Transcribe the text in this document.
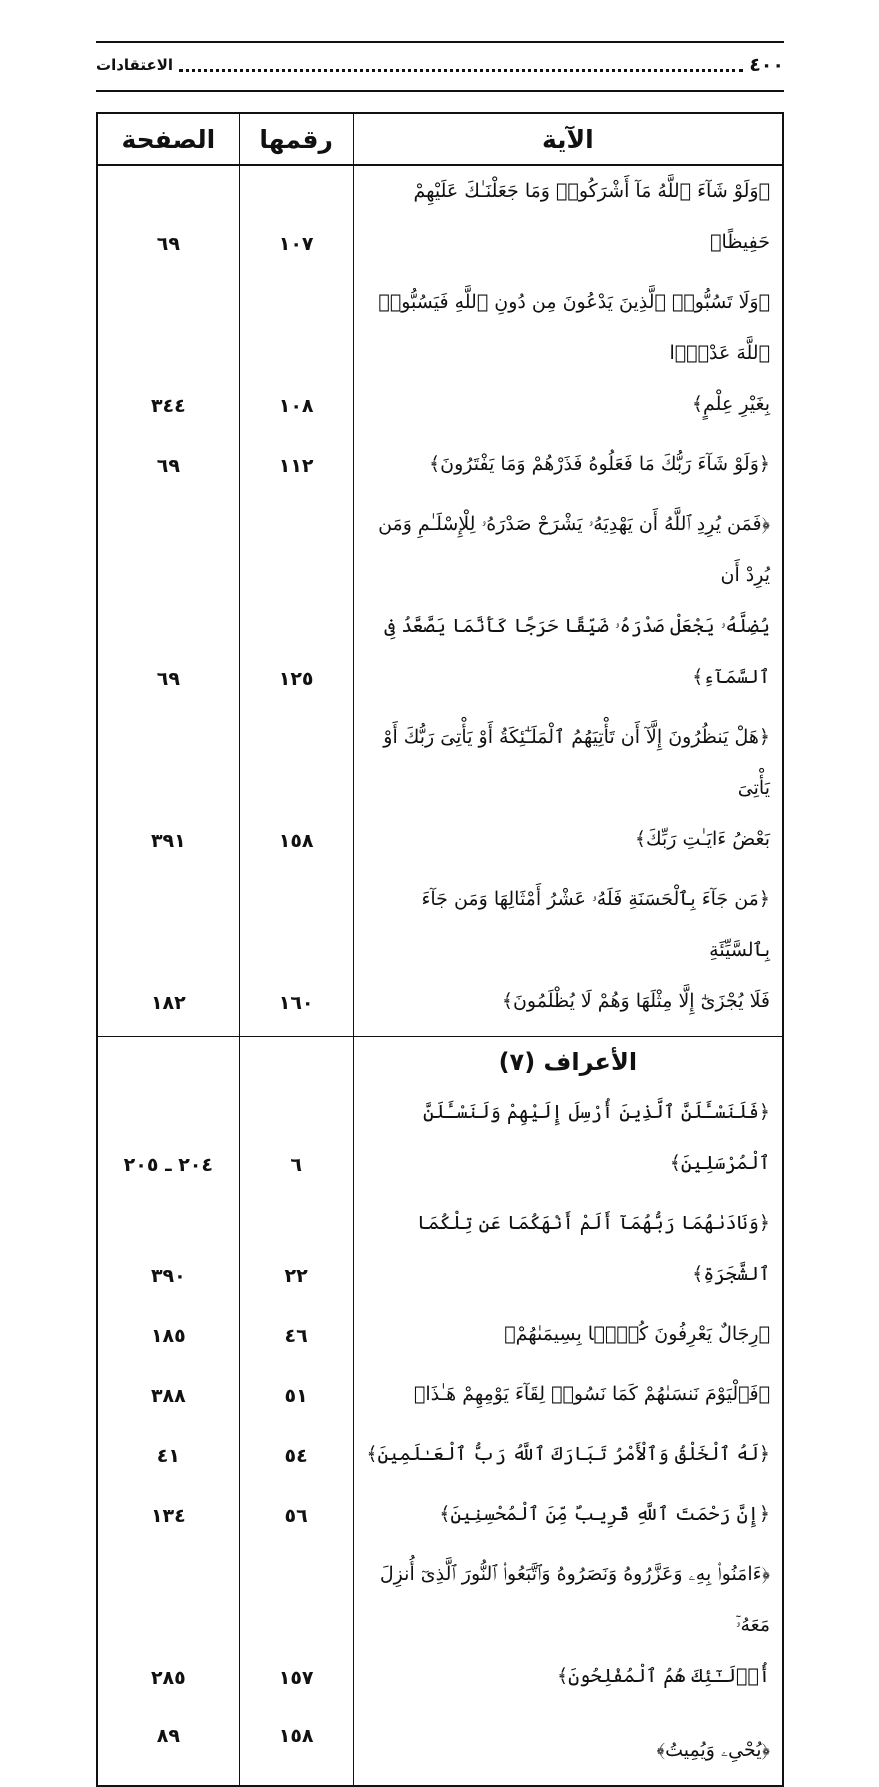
٤٠٠
الاعتقادات
الآية	رقمها	الصفحة
﴿وَلَوْ شَآءَ ٱللَّهُ مَآ أَشْرَكُوا۟ وَمَا جَعَلْنَـٰكَ عَلَيْهِمْ حَفِيظًا﴾	١٠٧	٦٩
﴿وَلَا تَسُبُّوا۟ ٱلَّذِينَ يَدْعُونَ مِن دُونِ ٱللَّهِ فَيَسُبُّوا۟ ٱللَّهَ عَدْوًۢا
بِغَيْرِ عِلْمٍ﴾	١٠٨	٣٤٤
﴿وَلَوْ شَآءَ رَبُّكَ مَا فَعَلُوهُ فَذَرْهُمْ وَمَا يَفْتَرُونَ﴾	١١٢	٦٩
﴿فَمَن يُرِدِ ٱللَّهُ أَن يَهْدِيَهُۥ يَشْرَحْ صَدْرَهُۥ لِلْإِسْلَـٰمِ وَمَن يُرِدْ أَن
يُضِلَّهُۥ يَجْعَلْ صَدْرَهُۥ ضَيِّقًا حَرَجًا كَأَنَّمَا يَصَّعَّدُ فِى ٱلسَّمَآءِ﴾	١٢٥	٦٩
﴿هَلْ يَنظُرُونَ إِلَّآ أَن تَأْتِيَهُمُ ٱلْمَلَـٰٓئِكَةُ أَوْ يَأْتِىَ رَبُّكَ أَوْ يَأْتِىَ
بَعْضُ ءَايَـٰتِ رَبِّكَ﴾	١٥٨	٣٩١
﴿مَن جَآءَ بِٱلْحَسَنَةِ فَلَهُۥ عَشْرُ أَمْثَالِهَا وَمَن جَآءَ بِٱلسَّيِّئَةِ
فَلَا يُجْزَىٰٓ إِلَّا مِثْلَهَا وَهُمْ لَا يُظْلَمُونَ﴾	١٦٠	١٨٢
الأعراف (٧)		
﴿فَلَنَسْـَٔلَنَّ ٱلَّذِينَ أُرْسِلَ إِلَيْهِمْ وَلَنَسْـَٔلَنَّ ٱلْمُرْسَلِينَ﴾	٦	٢٠٤ ـ ٢٠٥
﴿وَنَادَىٰهُمَا رَبُّهُمَآ أَلَمْ أَنْهَكُمَا عَن تِلْكُمَا ٱلشَّجَرَةِ﴾	٢٢	٣٩٠
﴿رِجَالٌ يَعْرِفُونَ كُلًّۢا بِسِيمَىٰهُمْ﴾	٤٦	١٨٥
﴿فَٱلْيَوْمَ نَنسَىٰهُمْ كَمَا نَسُوا۟ لِقَآءَ يَوْمِهِمْ هَـٰذَا﴾	٥١	٣٨٨
﴿لَهُ ٱلْخَلْقُ وَٱلْأَمْرُ تَبَارَكَ ٱللَّهُ رَبُّ ٱلْعَـٰلَمِينَ﴾	٥٤	٤١
﴿إِنَّ رَحْمَتَ ٱللَّهِ قَرِيبٌ مِّنَ ٱلْمُحْسِنِينَ﴾	٥٦	١٣٤
﴿ءَامَنُوا۟ بِهِۦ وَعَزَّرُوهُ وَنَصَرُوهُ وَٱتَّبَعُوا۟ ٱلنُّورَ ٱلَّذِىٓ أُنزِلَ مَعَهُۥٓ
أُو۟لَـٰٓئِكَ هُمُ ٱلْمُفْلِحُونَ﴾	١٥٧	٢٨٥
﴿يُحْىِۦ وَيُمِيتُ﴾	١٥٨	٨٩
